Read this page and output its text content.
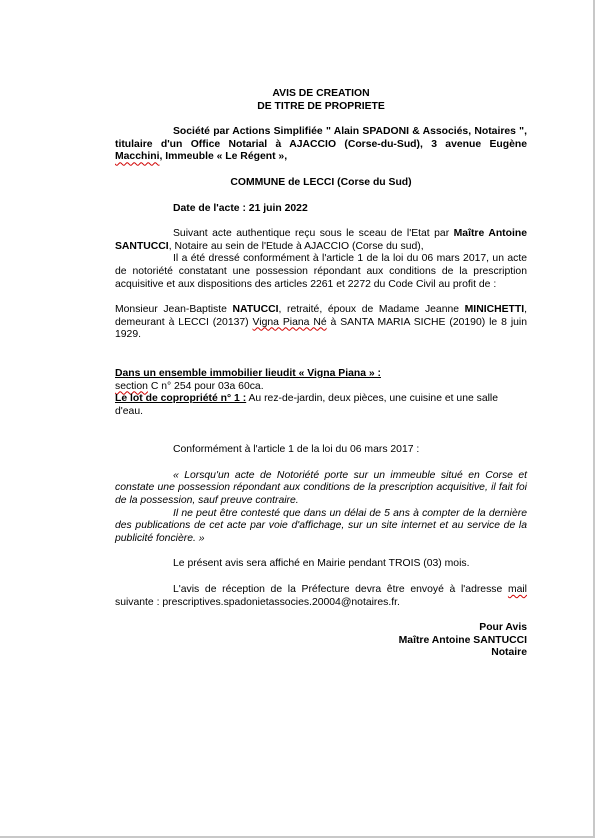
AVIS DE CREATION

DE TITRE DE PROPRIETE

Société par Actions Simplifiée " Alain SPADONI & Associés, Notaires ", titulaire d'un Office Notarial à AJACCIO (Corse-du-Sud), 3 avenue Eugène Macchini, Immeuble « Le Régent »,

COMMUNE de LECCI (Corse du Sud)

Date de l'acte : 21 juin 2022

Suivant acte authentique reçu sous le sceau de l'Etat par Maître Antoine SANTUCCI, Notaire au sein de l'Etude à AJACCIO (Corse du sud),

Il a été dressé conformément à l'article 1 de la loi du 06 mars 2017, un acte de notoriété constatant une possession répondant aux conditions de la prescription acquisitive et aux dispositions des articles 2261 et 2272 du Code Civil au profit de :

Monsieur Jean-Baptiste NATUCCI, retraité, époux de Madame Jeanne MINICHETTI, demeurant à LECCI (20137) Vigna Piana Né à SANTA MARIA SICHE (20190) le 8 juin 1929.

Dans un ensemble immobilier lieudit « Vigna Piana » :

section C n° 254 pour 03a 60ca.

Le lot de copropriété n° 1 : Au rez-de-jardin, deux pièces, une cuisine et une salle d'eau.

Conformément à l'article 1 de la loi du 06 mars 2017 :

« Lorsqu'un acte de Notoriété porte sur un immeuble situé en Corse et constate une possession répondant aux conditions de la prescription acquisitive, il fait foi de la possession, sauf preuve contraire.

Il ne peut être contesté que dans un délai de 5 ans à compter de la dernière des publications de cet acte par voie d'affichage, sur un site internet et au service de la publicité foncière. »

Le présent avis sera affiché en Mairie pendant TROIS (03) mois.

L'avis de réception de la Préfecture devra être envoyé à l'adresse mail suivante : prescriptives.spadonietassocies.20004@notaires.fr.

Pour Avis

Maître Antoine SANTUCCI

Notaire
